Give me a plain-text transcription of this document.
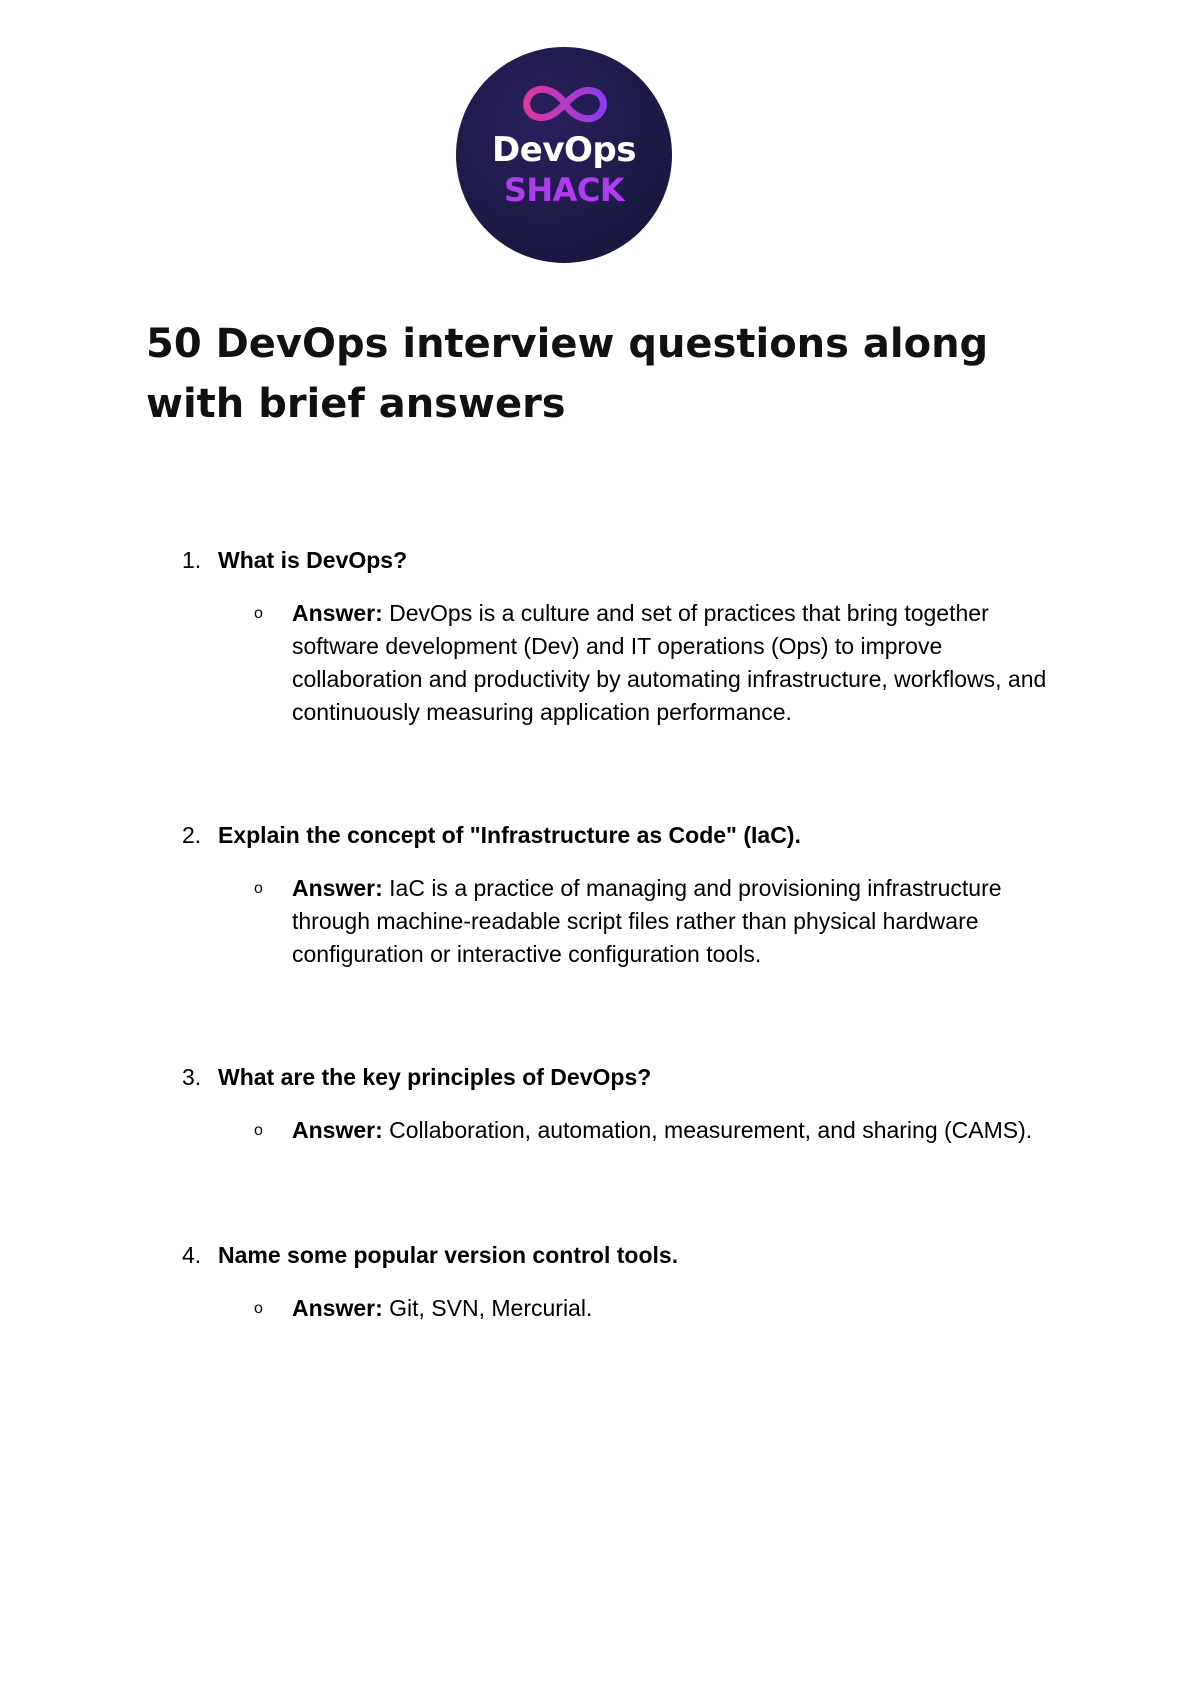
DevOps
SHACK
50 DevOps interview questions along with brief answers
1. What is DevOps?
o Answer: DevOps is a culture and set of practices that bring together software development (Dev) and IT operations (Ops) to improve collaboration and productivity by automating infrastructure, workflows, and continuously measuring application performance.
2. Explain the concept of "Infrastructure as Code" (IaC).
o Answer: IaC is a practice of managing and provisioning infrastructure through machine-readable script files rather than physical hardware configuration or interactive configuration tools.
3. What are the key principles of DevOps?
o Answer: Collaboration, automation, measurement, and sharing (CAMS).
4. Name some popular version control tools.
o Answer: Git, SVN, Mercurial.
